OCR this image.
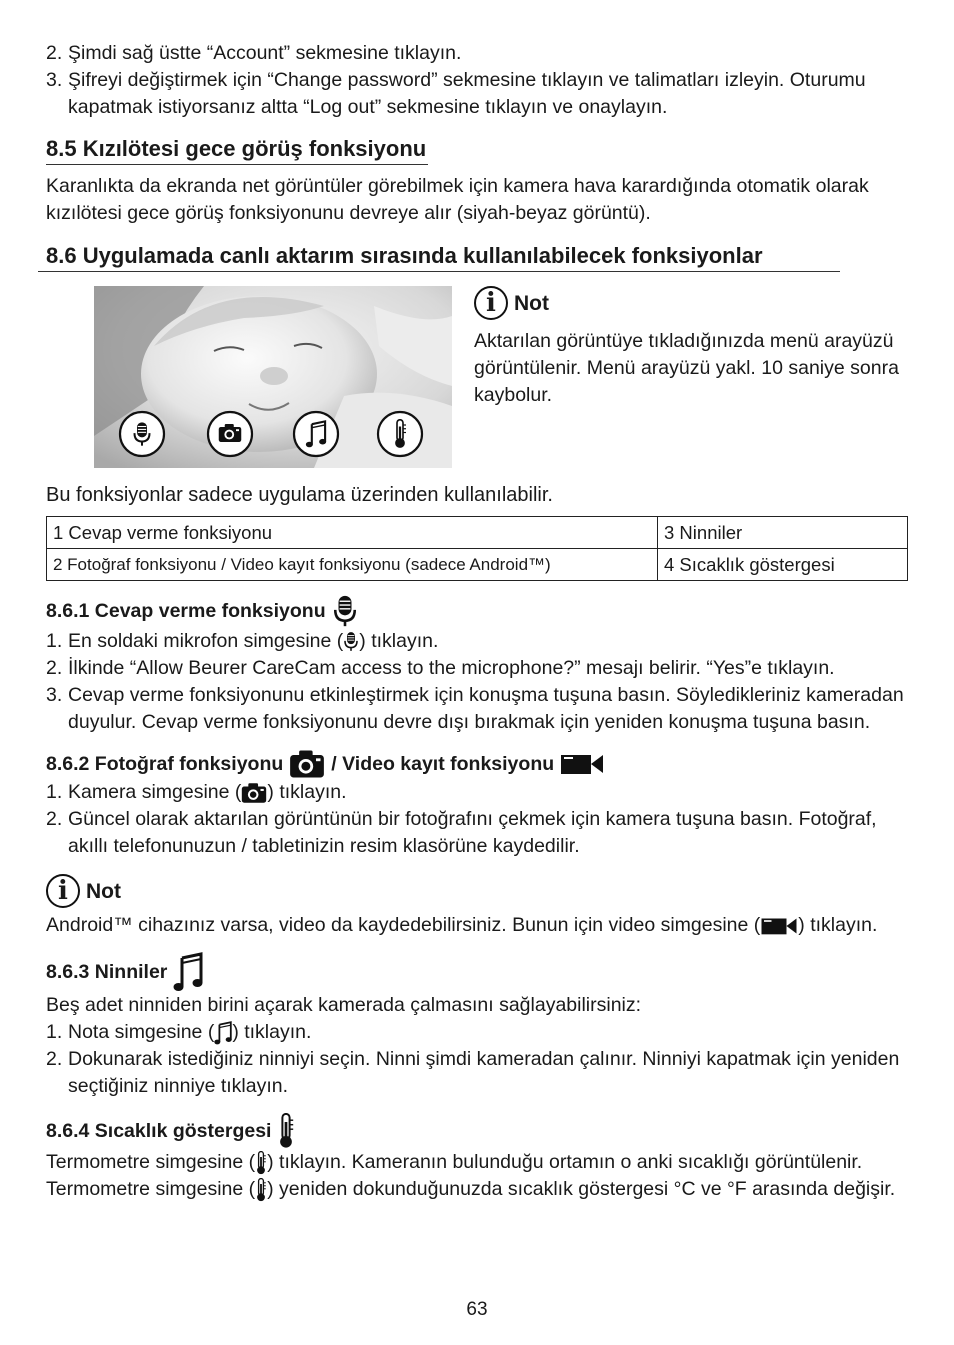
2. Şimdi sağ üstte “Account” sekmesine tıklayın.
3. Şifreyi değiştirmek için “Change password” sekmesine tıklayın ve talimatları izleyin. Oturumu kapatmak istiyorsanız altta “Log out” sekmesine tıklayın ve onaylayın.
8.5 Kızılötesi gece görüş fonksiyonu

Karanlıkta da ekranda net görüntüler görebilmek için kamera hava karardığında otomatik olarak kızılötesi gece görüş fonksiyonunu devreye alır (siyah-beyaz görüntü).

8.6 Uygulamada canlı aktarım sırasında kullanılabilecek fonksiyonlar
i Not

Aktarılan görüntüye tıkladığınızda menü arayüzü görüntülenir. Menü arayüzü yakl. 10 saniye sonra kaybolur.

Bu fonksiyonlar sadece uygulama üzerinden kullanılabilir.

1 Cevap verme fonksiyonu	3 Ninniler
2 Fotoğraf fonksiyonu / Video kayıt fonksiyonu (sadece Android™)	4 Sıcaklık göstergesi
8.6.1 Cevap verme fonksiyonu
1. En soldaki mikrofon simgesine ( ) tıklayın.
2. İlkinde “Allow Beurer CareCam access to the microphone?” mesajı belirir. “Yes”e tıklayın.
3. Cevap verme fonksiyonunu etkinleştirmek için konuşma tuşuna basın. Söyledikleriniz kameradan duyulur. Cevap verme fonksiyonunu devre dışı bırakmak için yeniden konuşma tuşuna basın.
8.6.2 Fotoğraf fonksiyonu / Video kayıt fonksiyonu
1. Kamera simgesine ( ) tıklayın.
2. Güncel olarak aktarılan görüntünün bir fotoğrafını çekmek için kamera tuşuna basın. Fotoğraf, akıllı telefonunuzun / tabletinizin resim klasörüne kaydedilir.
i Not

Android™ cihazınız varsa, video da kaydedebilirsiniz. Bunun için video simgesine ( ) tıklayın.

8.6.3 Ninniler

Beş adet ninniden birini açarak kamerada çalmasını sağlayabilirsiniz:

1. Nota simgesine ( ) tıklayın.
2. Dokunarak istediğiniz ninniyi seçin. Ninni şimdi kameradan çalınır. Ninniyi kapatmak için yeniden seçtiğiniz ninniye tıklayın.
8.6.4 Sıcaklık göstergesi

Termometre simgesine ( ) tıklayın. Kameranın bulunduğu ortamın o anki sıcaklığı görüntülenir. Termometre simgesine ( ) yeniden dokunduğunuzda sıcaklık göstergesi °C ve °F arasında değişir.

63
